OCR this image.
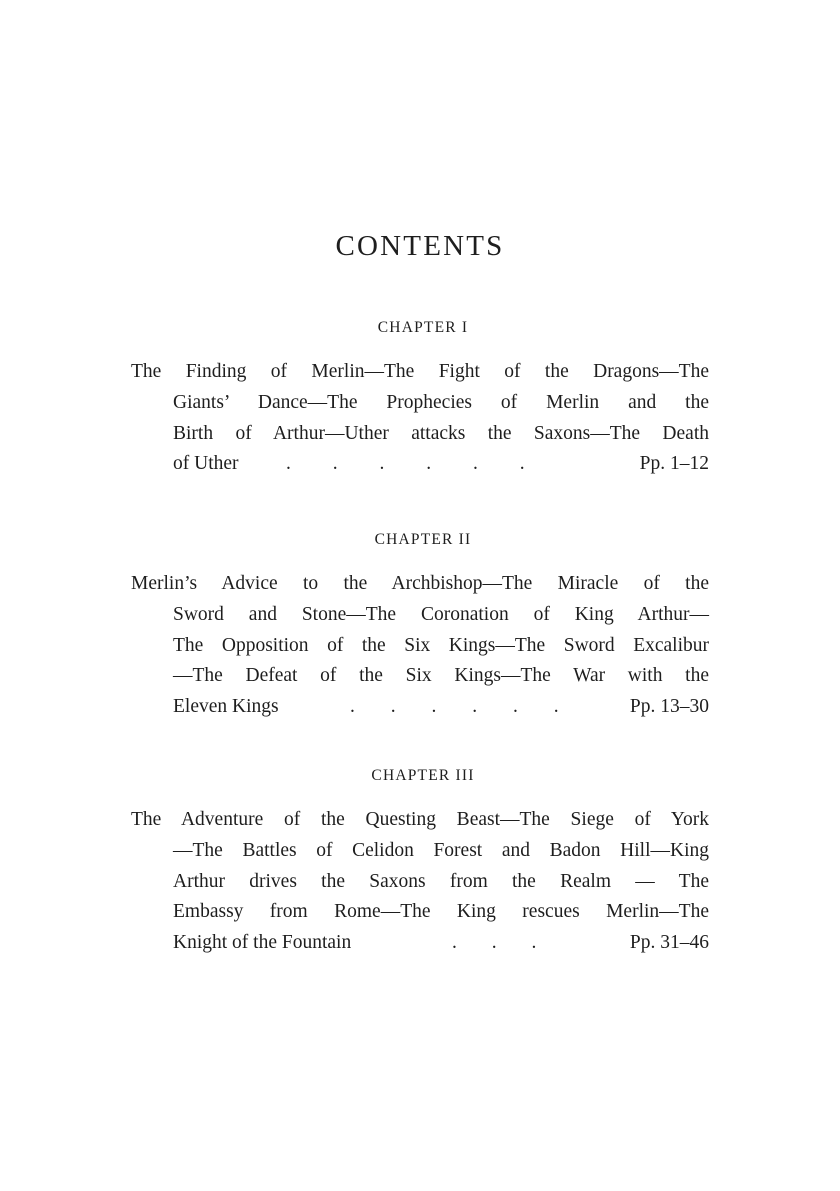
CONTENTS
CHAPTER I
The Finding of Merlin—The Fight of the Dragons—The
Giants’ Dance—The Prophecies of Merlin and the
Birth of Arthur—Uther attacks the Saxons—The Death
of Uther . . . . . .	Pp. 1–12
CHAPTER II
Merlin’s Advice to the Archbishop—The Miracle of the
Sword and Stone—The Coronation of King Arthur—
The Opposition of the Six Kings—The Sword Excalibur
—The Defeat of the Six Kings—The War with the
Eleven Kings	. . . . . .	Pp. 13–30
CHAPTER III
The Adventure of the Questing Beast—The Siege of York
—The Battles of Celidon Forest and Badon Hill—King
Arthur drives the Saxons from the Realm — The
Embassy from Rome—The King rescues Merlin—The
Knight of the Fountain	. . .	Pp. 31–46
